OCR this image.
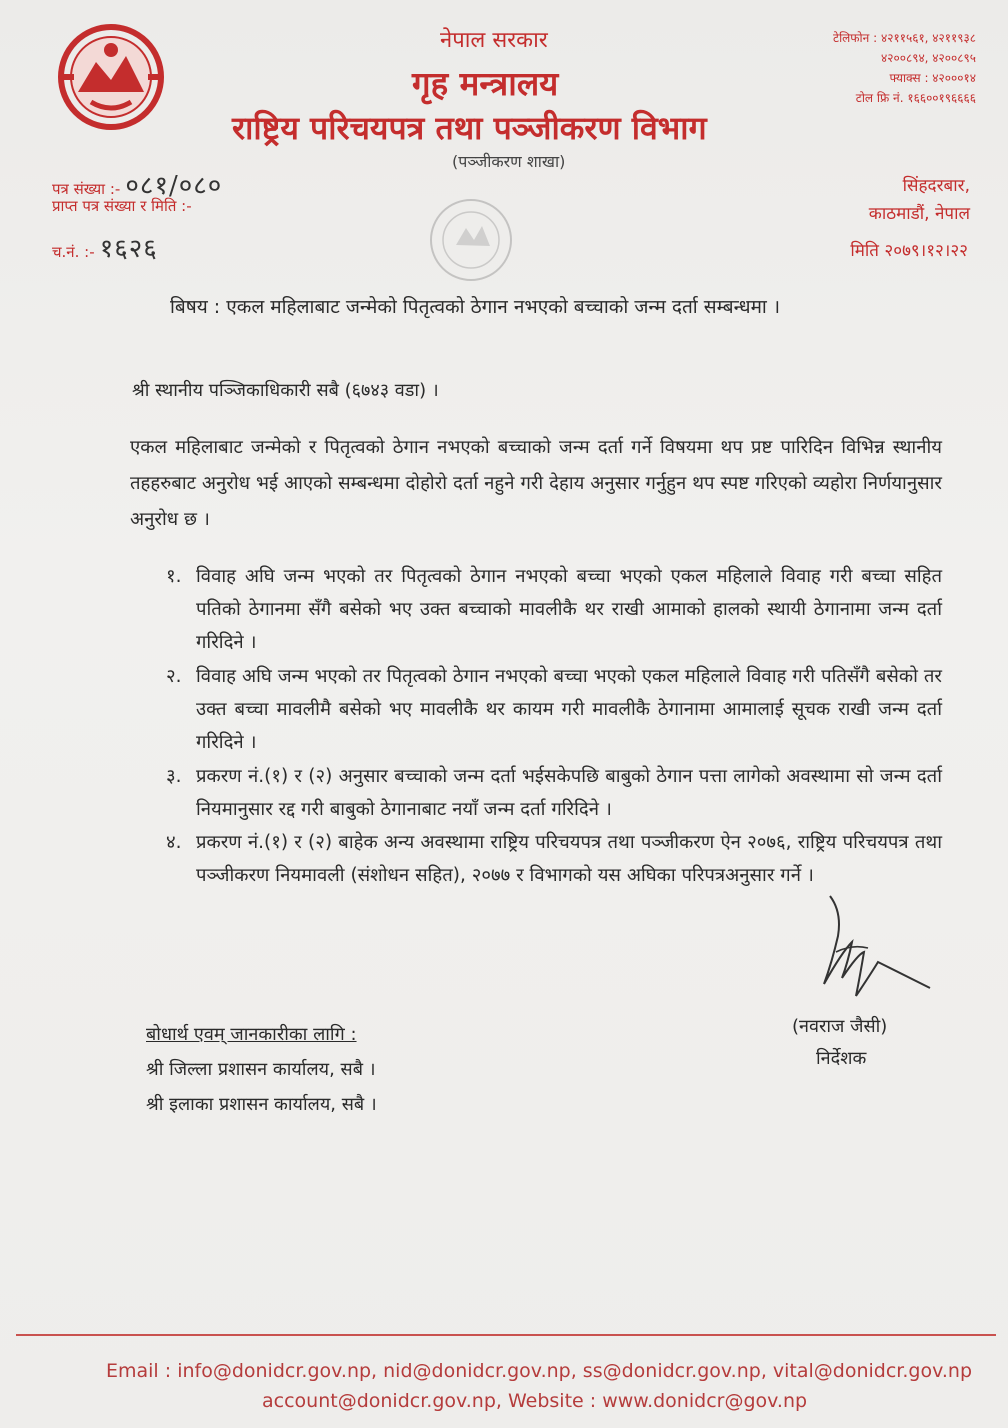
नेपाल सरकार
गृह मन्त्रालय
राष्ट्रिय परिचयपत्र तथा पञ्जीकरण विभाग
(पञ्जीकरण शाखा)
टेलिफोन : ४२११५६१, ४२११९३८
४२००८९४, ४२००८९५
फ्याक्स : ४२०००१४
टोल फ्रि नं. १६६००१९६६६६
सिंहदरबार,
काठमाडौं, नेपाल
पत्र संख्या :- ०८१/०८०
प्राप्त पत्र संख्या र मिति :-
च.नं. :- १६२६	मिति २०७९।१२।२२
बिषय : एकल महिलाबाट जन्मेको पितृत्वको ठेगान नभएको बच्चाको जन्म दर्ता सम्बन्धमा ।
श्री स्थानीय पञ्जिकाधिकारी सबै (६७४३ वडा) ।
एकल महिलाबाट जन्मेको र पितृत्वको ठेगान नभएको बच्चाको जन्म दर्ता गर्ने विषयमा थप प्रष्ट पारिदिन विभिन्न स्थानीय तहहरुबाट अनुरोध भई आएको सम्बन्धमा दोहोरो दर्ता नहुने गरी देहाय अनुसार गर्नुहुन थप स्पष्ट गरिएको व्यहोरा निर्णयानुसार अनुरोध छ ।
१. विवाह अघि जन्म भएको तर पितृत्वको ठेगान नभएको बच्चा भएको एकल महिलाले विवाह गरी बच्चा सहित पतिको ठेगानमा सँगै बसेको भए उक्त बच्चाको मावलीकै थर राखी आमाको हालको स्थायी ठेगानामा जन्म दर्ता गरिदिने ।
२. विवाह अघि जन्म भएको तर पितृत्वको ठेगान नभएको बच्चा भएको एकल महिलाले विवाह गरी पतिसँगै बसेको तर उक्त बच्चा मावलीमै बसेको भए मावलीकै थर कायम गरी मावलीकै ठेगानामा आमालाई सूचक राखी जन्म दर्ता गरिदिने ।
३. प्रकरण नं.(१) र (२) अनुसार बच्चाको जन्म दर्ता भईसकेपछि बाबुको ठेगान पत्ता लागेको अवस्थामा सो जन्म दर्ता नियमानुसार रद्द गरी बाबुको ठेगानाबाट नयाँ जन्म दर्ता गरिदिने ।
४. प्रकरण नं.(१) र (२) बाहेक अन्य अवस्थामा राष्ट्रिय परिचयपत्र तथा पञ्जीकरण ऐन २०७६, राष्ट्रिय परिचयपत्र तथा पञ्जीकरण नियमावली (संशोधन सहित), २०७७ र विभागको यस अघिका परिपत्रअनुसार गर्ने ।
(नवराज जैसी)
निर्देशक
बोधार्थ एवम् जानकारीका लागि :
श्री जिल्ला प्रशासन कार्यालय, सबै ।
श्री इलाका प्रशासन कार्यालय, सबै ।
Email : info@donidcr.gov.np, nid@donidcr.gov.np, ss@donidcr.gov.np, vital@donidcr.gov.np
account@donidcr.gov.np, Website : www.donidcr@gov.np
